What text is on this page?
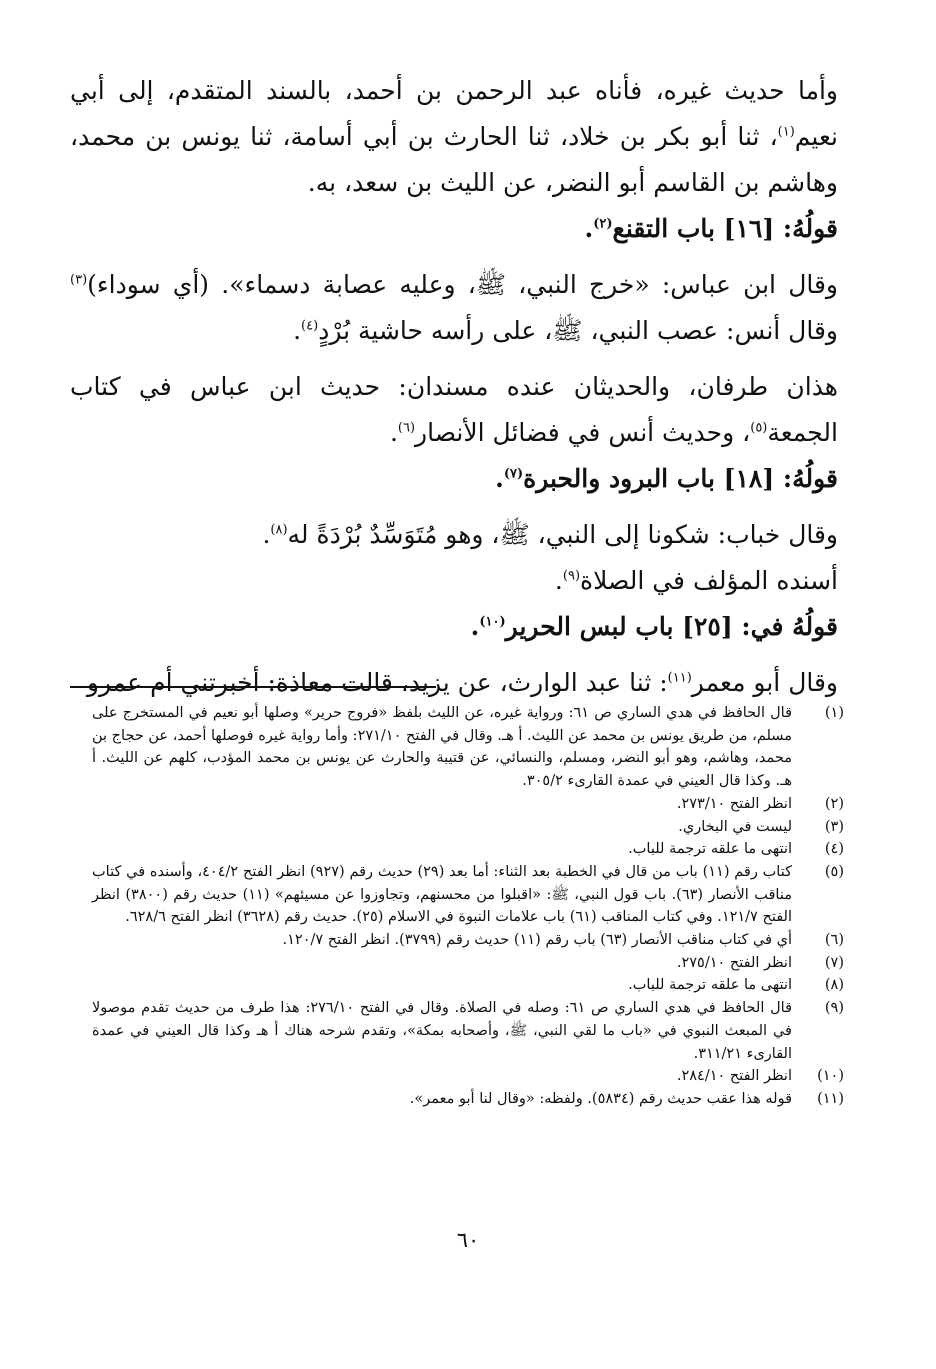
وأما حديث غيره، فأناه عبد الرحمن بن أحمد، بالسند المتقدم، إلى أبي نعيم$^{(١)}$، ثنا أبو بكر بن خلاد، ثنا الحارث بن أبي أسامة، ثنا يونس بن محمد، وهاشم بن القاسم أبو النضر، عن الليث بن سعد، به.

قولُهُ: [١٦] باب التقنع$^{(٢)}$.

وقال ابن عباس: «خرج النبي، ﷺ، وعليه عصابة دسماء». (أي سوداء)$^{(٣)}$ وقال أنس: عصب النبي، ﷺ، على رأسه حاشية بُرْدٍ$^{(٤)}$.

هذان طرفان، والحديثان عنده مسندان: حديث ابن عباس في كتاب الجمعة$^{(٥)}$، وحديث أنس في فضائل الأنصار$^{(٦)}$.

قولُهُ: [١٨] باب البرود والحبرة$^{(٧)}$.

وقال خباب: شكونا إلى النبي، ﷺ، وهو مُتَوَسِّدٌ بُرْدَةً له$^{(٨)}$.

أسنده المؤلف في الصلاة$^{(٩)}$.

قولُهُ في: [٢٥] باب لبس الحرير$^{(١٠)}$.

وقال أبو معمر$^{(١١)}$: ثنا عبد الوارث، عن يزيد، قالت معاذة: أخبرتني أم عمرو

(١)
قال الحافظ في هدي الساري ص ٦١: ورواية غيره، عن الليث بلفظ «فروج حرير» وصلها أبو نعيم في المستخرج على مسلم، من طريق يونس بن محمد عن الليث. أ هـ. وقال في الفتح ٢٧١/١٠: وأما رواية غيره فوصلها أحمد، عن حجاج بن محمد، وهاشم، وهو أبو النضر، ومسلم، والنسائي، عن قتيبة والحارث عن يونس بن محمد المؤدب، كلهم عن الليث. أ هـ. وكذا قال العيني في عمدة القارىء ٣٠٥/٢.
(٢)
انظر الفتح ٢٧٣/١٠.
(٣)
ليست في البخاري.
(٤)
انتهى ما علقه ترجمة للباب.
(٥)
كتاب رقم (١١) باب من قال في الخطبة بعد الثناء: أما بعد (٢٩) حديث رقم (٩٢٧) انظر الفتح ٤٠٤/٢، وأسنده في كتاب مناقب الأنصار (٦٣). باب قول النبي، ﷺ: «اقبلوا من محسنهم، وتجاوزوا عن مسيئهم» (١١) حديث رقم (٣٨٠٠) انظر الفتح ١٢١/٧. وفي كتاب المناقب (٦١) باب علامات النبوة في الاسلام (٢٥). حديث رقم (٣٦٢٨) انظر الفتح ٦٢٨/٦.
(٦)
أي في كتاب مناقب الأنصار (٦٣) باب رقم (١١) حديث رقم (٣٧٩٩). انظر الفتح ١٢٠/٧.
(٧)
انظر الفتح ٢٧٥/١٠.
(٨)
انتهى ما علقه ترجمة للباب.
(٩)
قال الحافظ في هدي الساري ص ٦١: وصله في الصلاة. وقال في الفتح ٢٧٦/١٠: هذا طرف من حديث تقدم موصولا في المبعث النبوي في «باب ما لقي النبي، ﷺ، وأصحابه بمكة»، وتقدم شرحه هناك أ هـ وكذا قال العيني في عمدة القارىء ٣١١/٢١.
(١٠)
انظر الفتح ٢٨٤/١٠.
(١١)
قوله هذا عقب حديث رقم (٥٨٣٤). ولفظه: «وقال لنا أبو معمر».
٦٠
